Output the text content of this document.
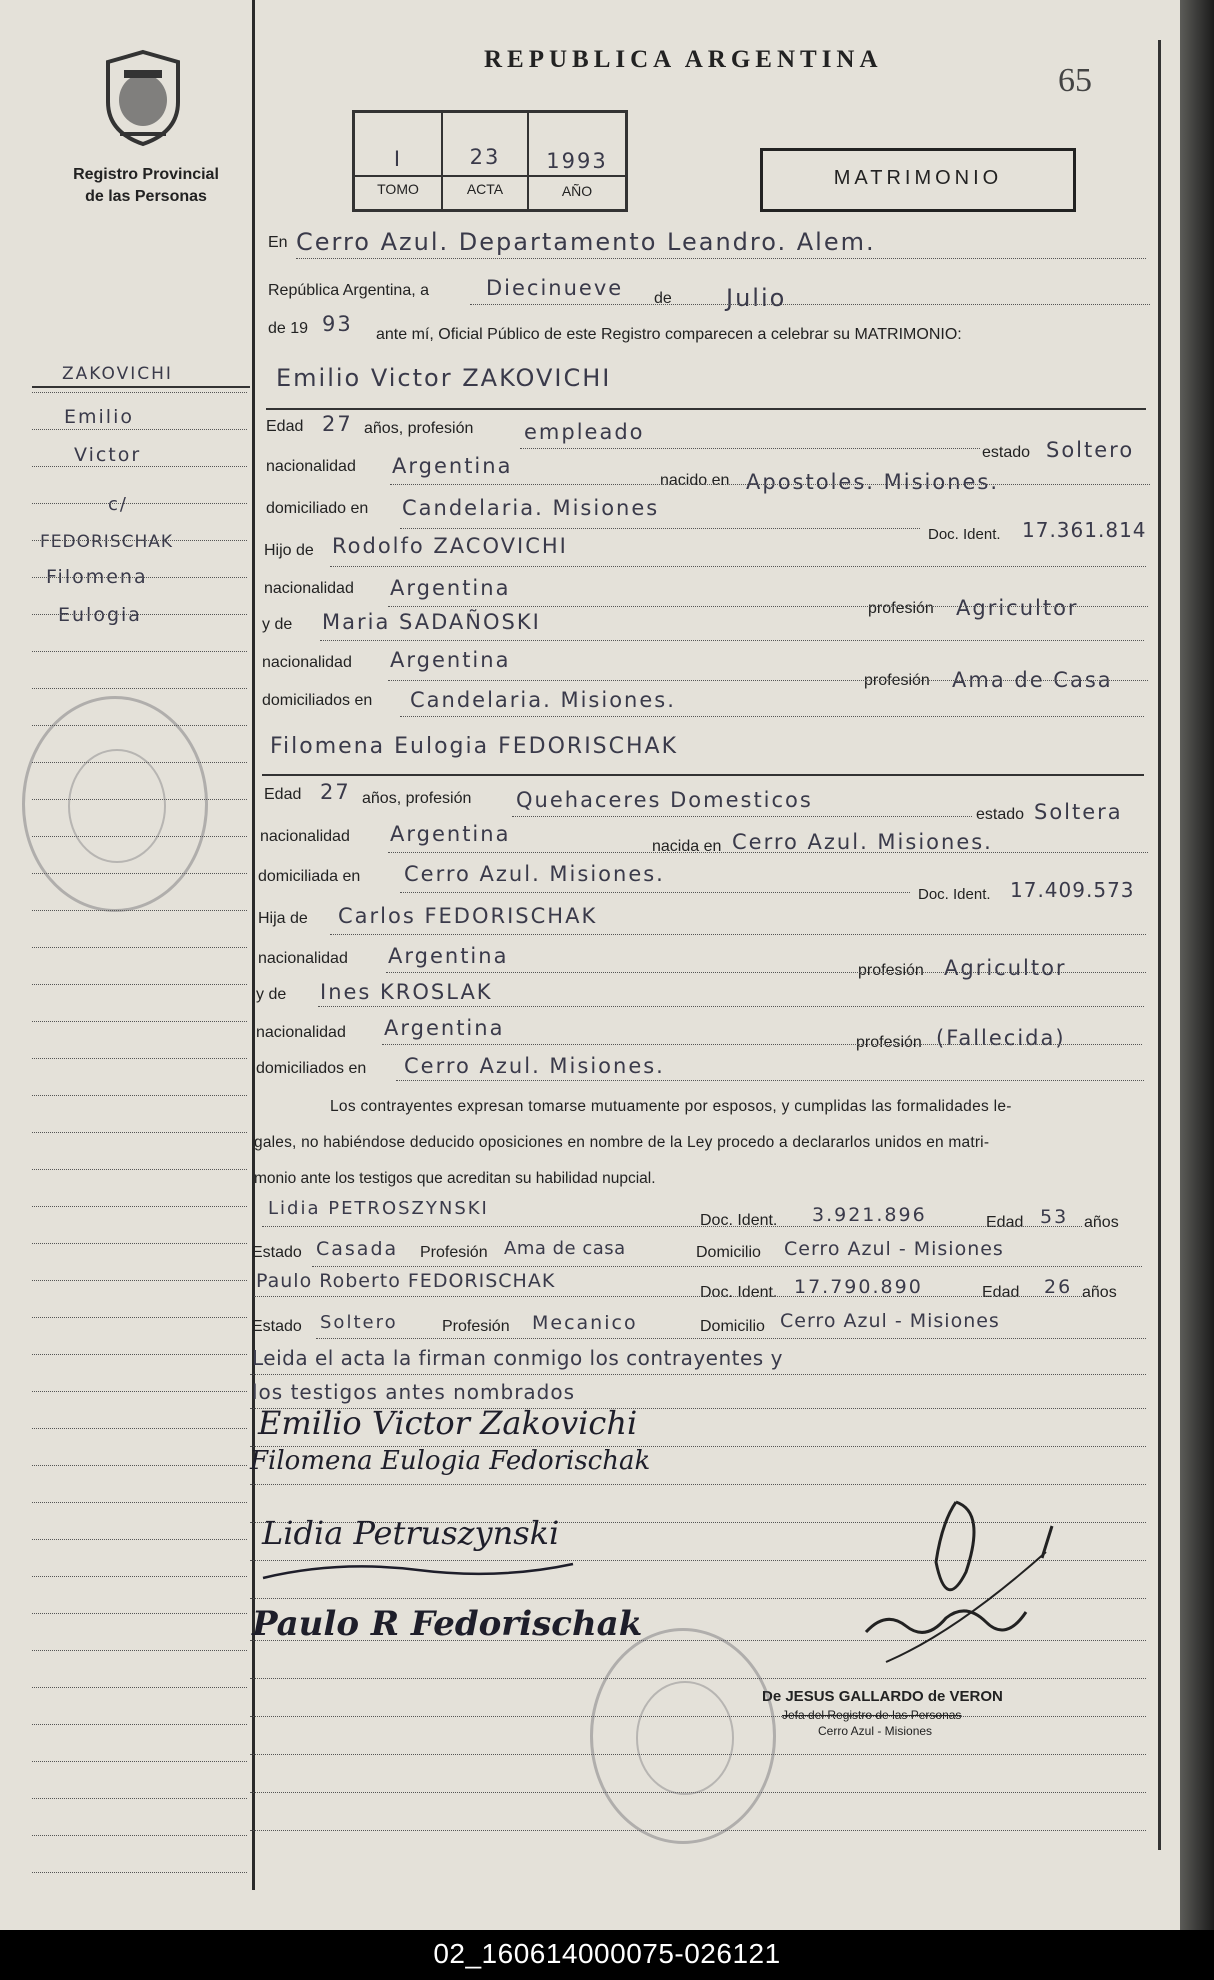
Registro Provincial
de las Personas
REPUBLICA ARGENTINA
65
I	23	1993
TOMO	ACTA	AÑO
MATRIMONIO
En Cerro Azul. Departamento Leandro. Alem.
República Argentina, a	Diecinueve de Julio
de 19 93 ante mí, Oficial Público de este Registro comparecen a celebrar su MATRIMONIO:
Emilio Victor ZAKOVICHI
Edad 27 años, profesión empleado
estado Soltero
nacionalidad Argentina
nacido en Apostoles. Misiones.
domiciliado en Candelaria. Misiones
Doc. Ident. 17.361.814
Hijo de Rodolfo ZACOVICHI
nacionalidad Argentina
profesión Agricultor
y de Maria SADAÑOSKI
nacionalidad Argentina
profesión Ama de Casa
domiciliados en Candelaria. Misiones.
Filomena Eulogia FEDORISCHAK
Edad 27 años, profesión Quehaceres Domesticos
estado Soltera
nacionalidad Argentina
nacida en Cerro Azul. Misiones.
domiciliada en Cerro Azul. Misiones.
Doc. Ident. 17.409.573
Hija de Carlos FEDORISCHAK
nacionalidad Argentina
profesión Agricultor
y de Ines KROSLAK
nacionalidad Argentina
profesión (Fallecida)
domiciliados en Cerro Azul. Misiones.
Los contrayentes expresan tomarse mutuamente por esposos, y cumplidas las formalidades le-
gales, no habiéndose deducido oposiciones en nombre de la Ley procedo a declararlos unidos en matri-
monio ante los testigos que acreditan su habilidad nupcial.
Lidia PETROSZYNSKI
Doc. Ident. 3.921.896	Edad 53 años
Estado Casada Profesión Ama de casa	Domicilio Cerro Azul - Misiones
Paulo Roberto FEDORISCHAK
Doc. Ident. 17.790.890	Edad 26 años
Estado Soltero	Profesión Mecanico	Domicilio Cerro Azul - Misiones
Leida el acta la firman conmigo los contrayentes y
los testigos antes nombrados
Emilio Victor Zakovichi
Filomena Eulogia Fedorischak
Lidia Petruszynski
Paulo R Fedorischak
De JESUS GALLARDO de VERON
Jefa del Registro de las Personas
Cerro Azul - Misiones
ZAKOVICHI
Emilio
Victor
c/
FEDORISCHAK
Filomena
Eulogia
02_160614000075-026121
